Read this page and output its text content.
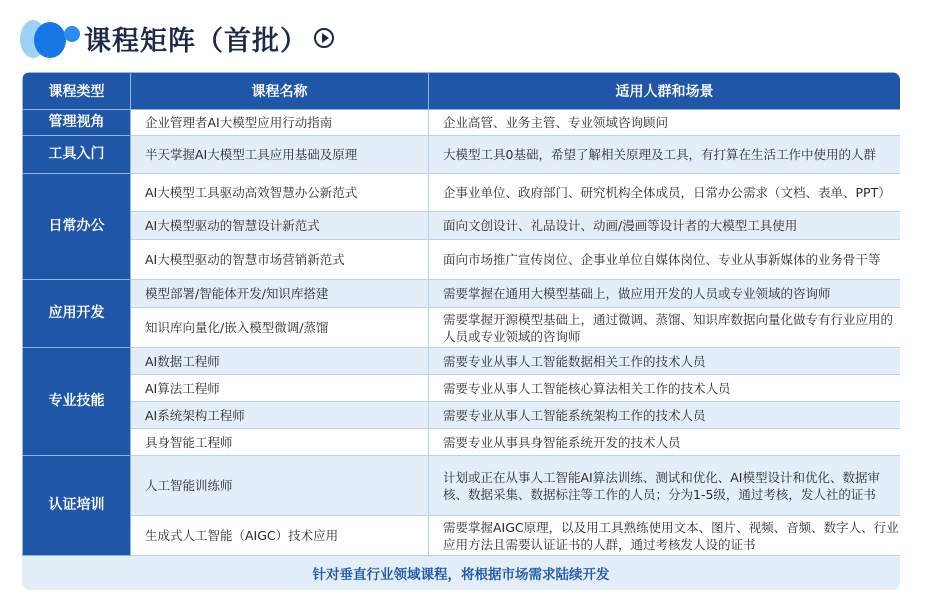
课程矩阵（首批）
课程类型	课程名称	适用人群和场景
管理视角	企业管理者AI大模型应用行动指南	企业高管、业务主管、专业领域咨询顾问
工具入门	半天掌握AI大模型工具应用基础及原理	大模型工具0基础，希望了解相关原理及工具，有打算在生活工作中使用的人群
日常办公	AI大模型工具驱动高效智慧办公新范式	企事业单位、政府部门、研究机构全体成员，日常办公需求（文档、表单、PPT）
	AI大模型驱动的智慧设计新范式	面向文创设计、礼品设计、动画/漫画等设计者的大模型工具使用
	AI大模型驱动的智慧市场营销新范式	面向市场推广宣传岗位、企事业单位自媒体岗位、专业从事新媒体的业务骨干等
应用开发	模型部署/智能体开发/知识库搭建	需要掌握在通用大模型基础上，做应用开发的人员或专业领域的咨询师
	知识库向量化/嵌入模型微调/蒸馏	需要掌握开源模型基础上，通过微调、蒸馏、知识库数据向量化做专有行业应用的人员或专业领域的咨询师
专业技能	AI数据工程师	需要专业从事人工智能数据相关工作的技术人员
	AI算法工程师	需要专业从事人工智能核心算法相关工作的技术人员
	AI系统架构工程师	需要专业从事人工智能系统架构工作的技术人员
	具身智能工程师	需要专业从事具身智能系统开发的技术人员
认证培训	人工智能训练师	计划或正在从事人工智能AI算法训练、测试和优化、AI模型设计和优化、数据审核、数据采集、数据标注等工作的人员；分为1-5级，通过考核，发人社的证书
	生成式人工智能（AIGC）技术应用	需要掌握AIGC原理，以及用工具熟练使用文本、图片、视频、音频、数字人、行业应用方法且需要认证证书的人群，通过考核发人设的证书
针对垂直行业领域课程，将根据市场需求陆续开发
